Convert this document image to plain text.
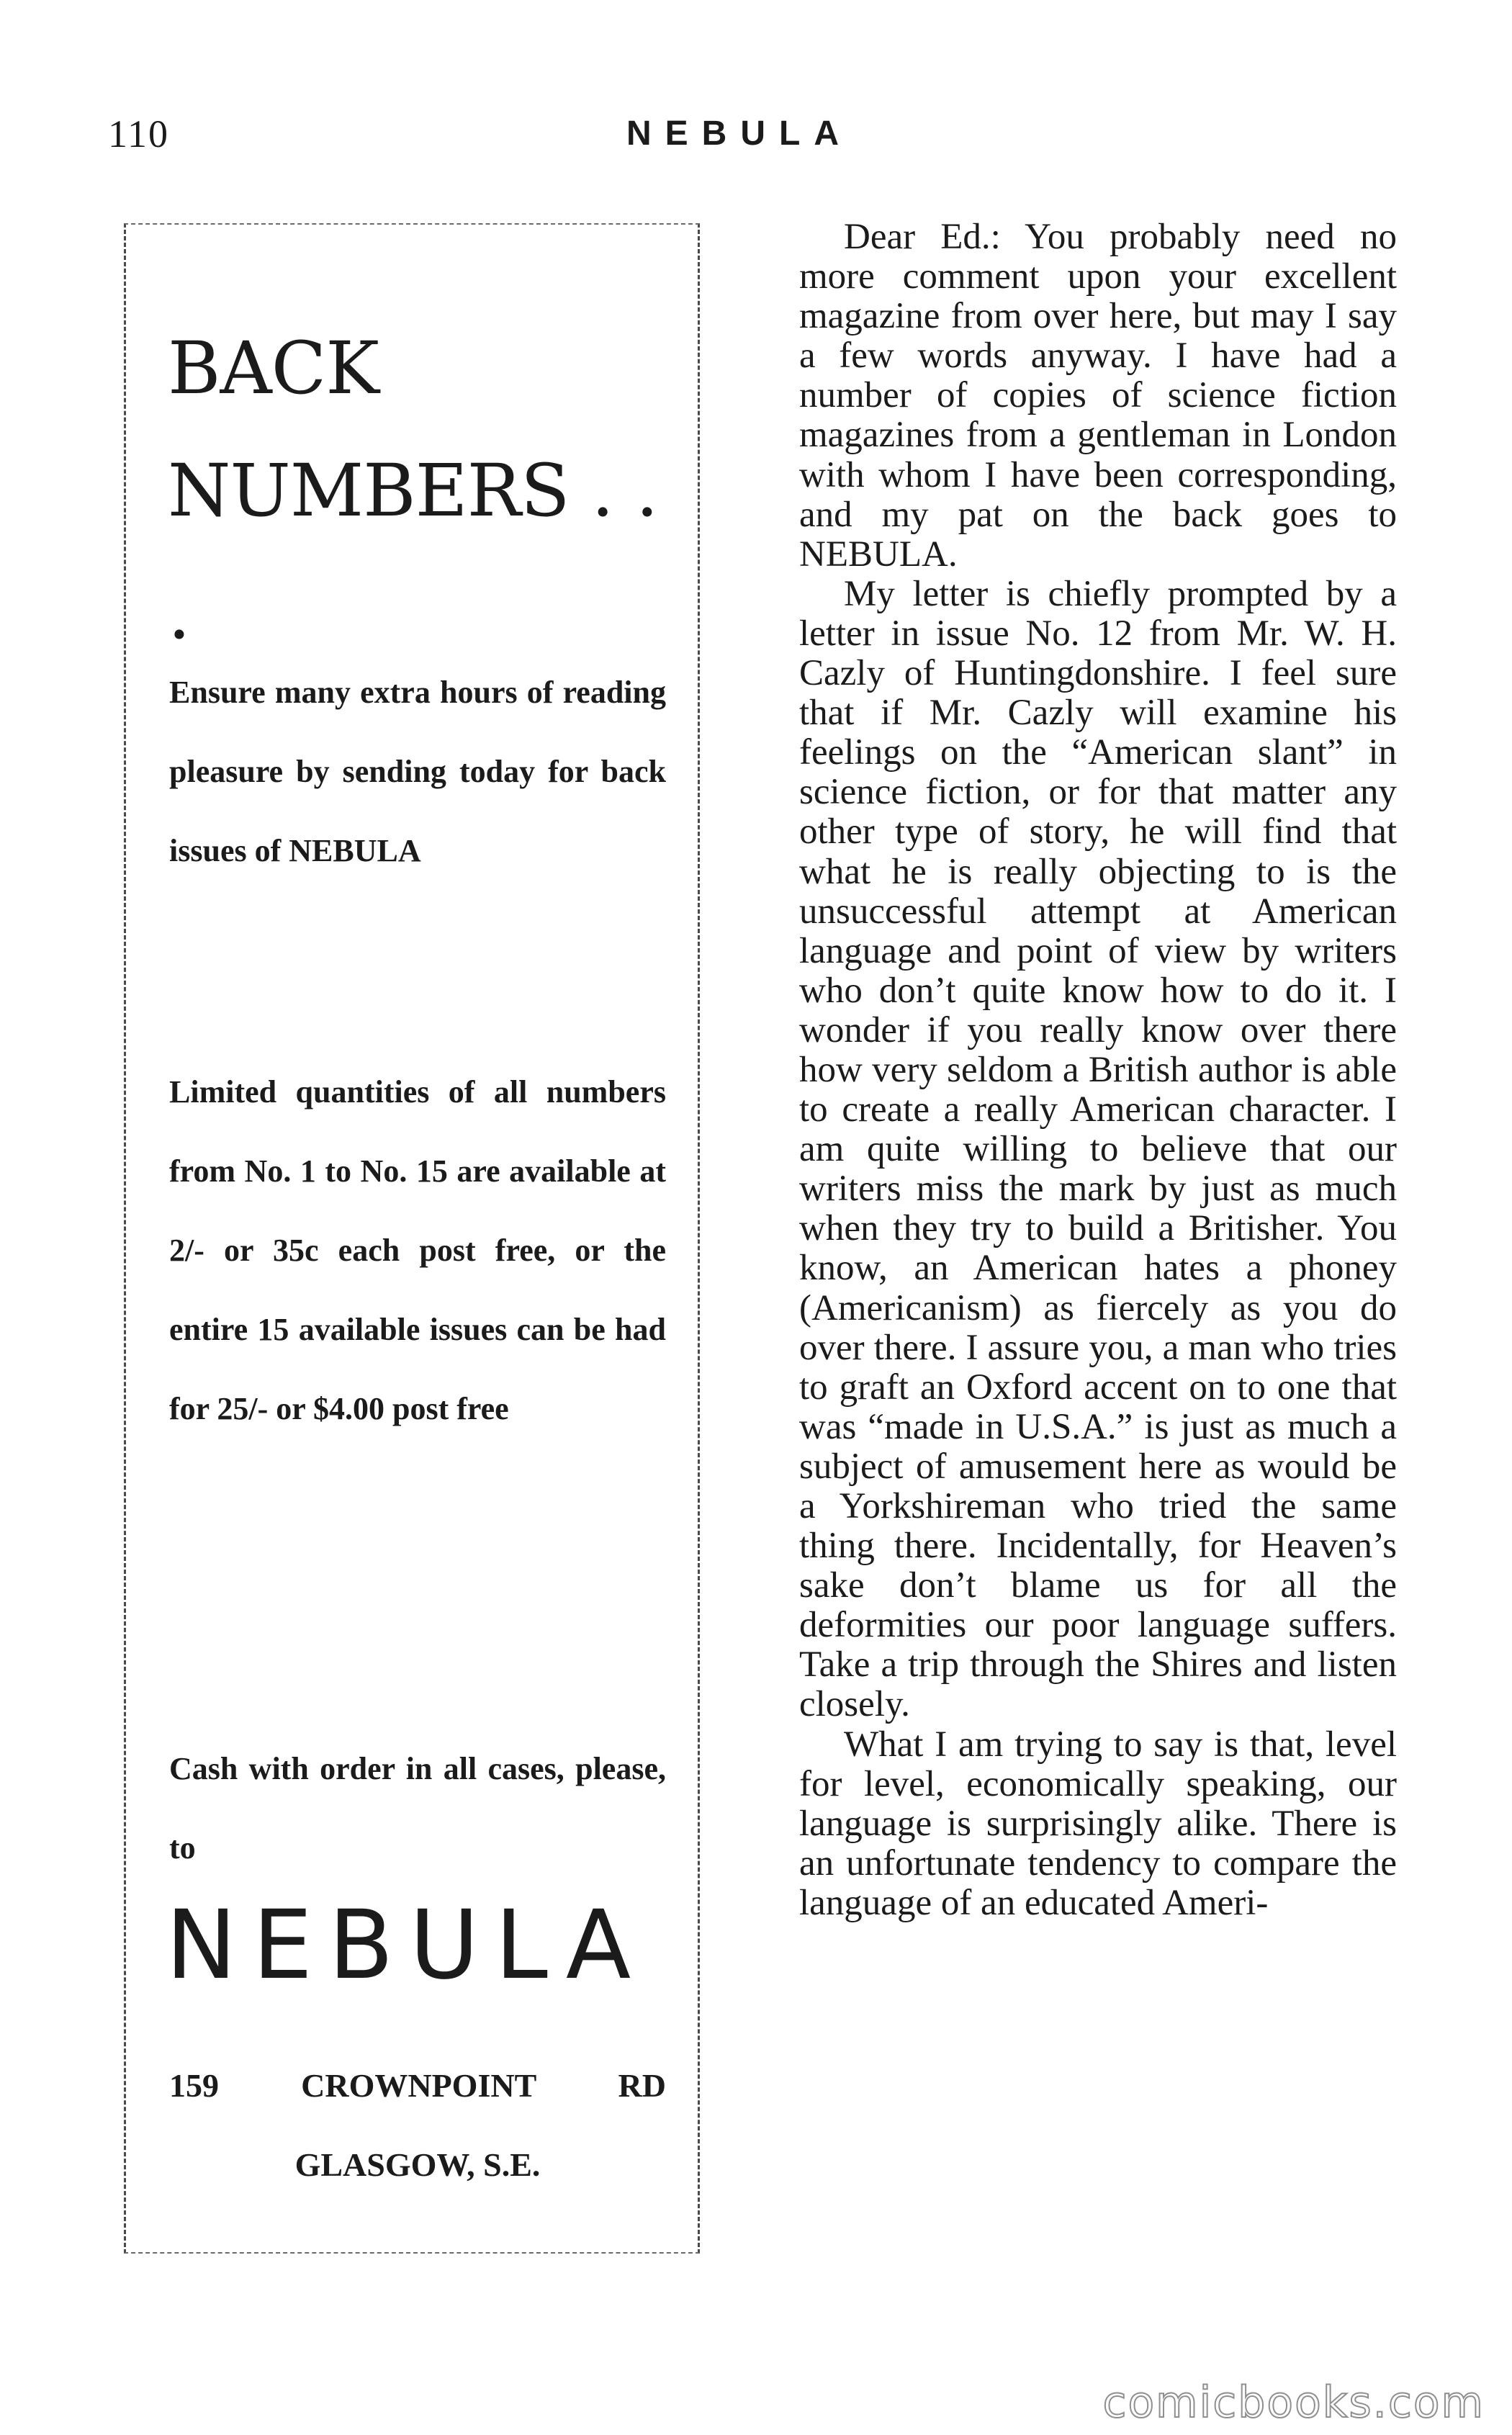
110	NEBULA
BACK
NUMBERS . . .

Ensure many extra hours of reading pleasure by sending today for back issues of NEBULA

Limited quantities of all numbers from No. 1 to No. 15 are available at 2/- or 35c each post free, or the entire 15 available issues can be had for 25/- or $4.00 post free

Cash with order in all cases, please, to

NEBULA

159 CROWNPOINT RD

GLASGOW, S.E.

Dear Ed.: You probably need no more comment upon your excellent magazine from over here, but may I say a few words anyway. I have had a number of copies of science fiction magazines from a gentleman in London with whom I have been corresponding, and my pat on the back goes to NEBULA.

My letter is chiefly prompted by a letter in issue No. 12 from Mr. W. H. Cazly of Huntingdonshire. I feel sure that if Mr. Cazly will examine his feelings on the “American slant” in science fiction, or for that matter any other type of story, he will find that what he is really objecting to is the unsuccessful attempt at American language and point of view by writers who don’t quite know how to do it. I wonder if you really know over there how very seldom a British author is able to create a really American character. I am quite willing to believe that our writers miss the mark by just as much when they try to build a Britisher. You know, an American hates a phoney (Americanism) as fiercely as you do over there. I assure you, a man who tries to graft an Oxford accent on to one that was “made in U.S.A.” is just as much a subject of amusement here as would be a Yorkshireman who tried the same thing there. Incidentally, for Heaven’s sake don’t blame us for all the deformities our poor language suffers. Take a trip through the Shires and listen closely.

What I am trying to say is that, level for level, economically speaking, our language is surprisingly alike. There is an unfortunate tendency to compare the language of an educated Ameri-

comicbooks.com
